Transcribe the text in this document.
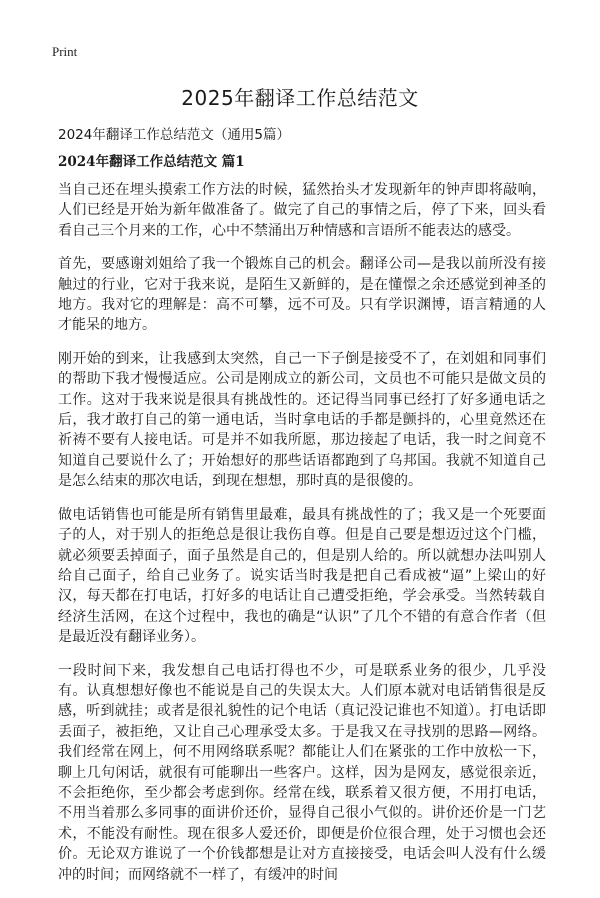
Print
2025年翻译工作总结范文

2024年翻译工作总结范文（通用5篇）

2024年翻译工作总结范文 篇1

当自己还在埋头摸索工作方法的时候，猛然抬头才发现新年的钟声即将敲响，人们已经是开始为新年做准备了。做完了自己的事情之后，停了下来，回头看看自己三个月来的工作，心中不禁涌出万种情感和言语所不能表达的感受。

首先，要感谢刘姐给了我一个锻炼自己的机会。翻译公司—是我以前所没有接触过的行业，它对于我来说，是陌生又新鲜的，是在懂憬之余还感觉到神圣的地方。我对它的理解是：高不可攀，远不可及。只有学识渊博，语言精通的人才能呆的地方。

刚开始的到来，让我感到太突然，自己一下子倒是接受不了，在刘姐和同事们的帮助下我才慢慢适应。公司是刚成立的新公司，文员也不可能只是做文员的工作。这对于我来说是很具有挑战性的。还记得当同事已经打了好多通电话之后，我才敢打自己的第一通电话，当时拿电话的手都是颤抖的，心里竟然还在祈祷不要有人接电话。可是并不如我所愿，那边接起了电话，我一时之间竟不知道自己要说什么了；开始想好的那些话语都跑到了乌邦国。我就不知道自己是怎么结束的那次电话，到现在想想，那时真的是很傻的。

做电话销售也可能是所有销售里最难，最具有挑战性的了；我又是一个死要面子的人，对于别人的拒绝总是很让我伤自尊。但是自己要是想迈过这个门槛，就必须要丢掉面子，面子虽然是自己的，但是别人给的。所以就想办法叫别人给自己面子，给自己业务了。说实话当时我是把自己看成被“逼”上梁山的好汉，每天都在打电话，打好多的电话让自己遭受拒绝，学会承受。当然转载自经济生活网，在这个过程中，我也的确是“认识”了几个不错的有意合作者（但是最近没有翻译业务）。

一段时间下来，我发想自己电话打得也不少，可是联系业务的很少，几乎没有。认真想想好像也不能说是自己的失误太大。人们原本就对电话销售很是反感，听到就挂；或者是很礼貌性的记个电话（真记没记谁也不知道）。打电话即丢面子，被拒绝，又让自己心理承受太多。于是我又在寻找别的思路—网络。我们经常在网上，何不用网络联系呢？都能让人们在紧张的工作中放松一下，聊上几句闲话，就很有可能聊出一些客户。这样，因为是网友，感觉很亲近，不会拒绝你，至少都会考虑到你。经常在线，联系着又很方便，不用打电话，不用当着那么多同事的面讲价还价，显得自己很小气似的。讲价还价是一门艺术，不能没有耐性。现在很多人爱还价，即便是价位很合理，处于习惯也会还价。无论双方谁说了一个价钱都想是让对方直接接受，电话会叫人没有什么缓冲的时间；而网络就不一样了，有缓冲的时间
